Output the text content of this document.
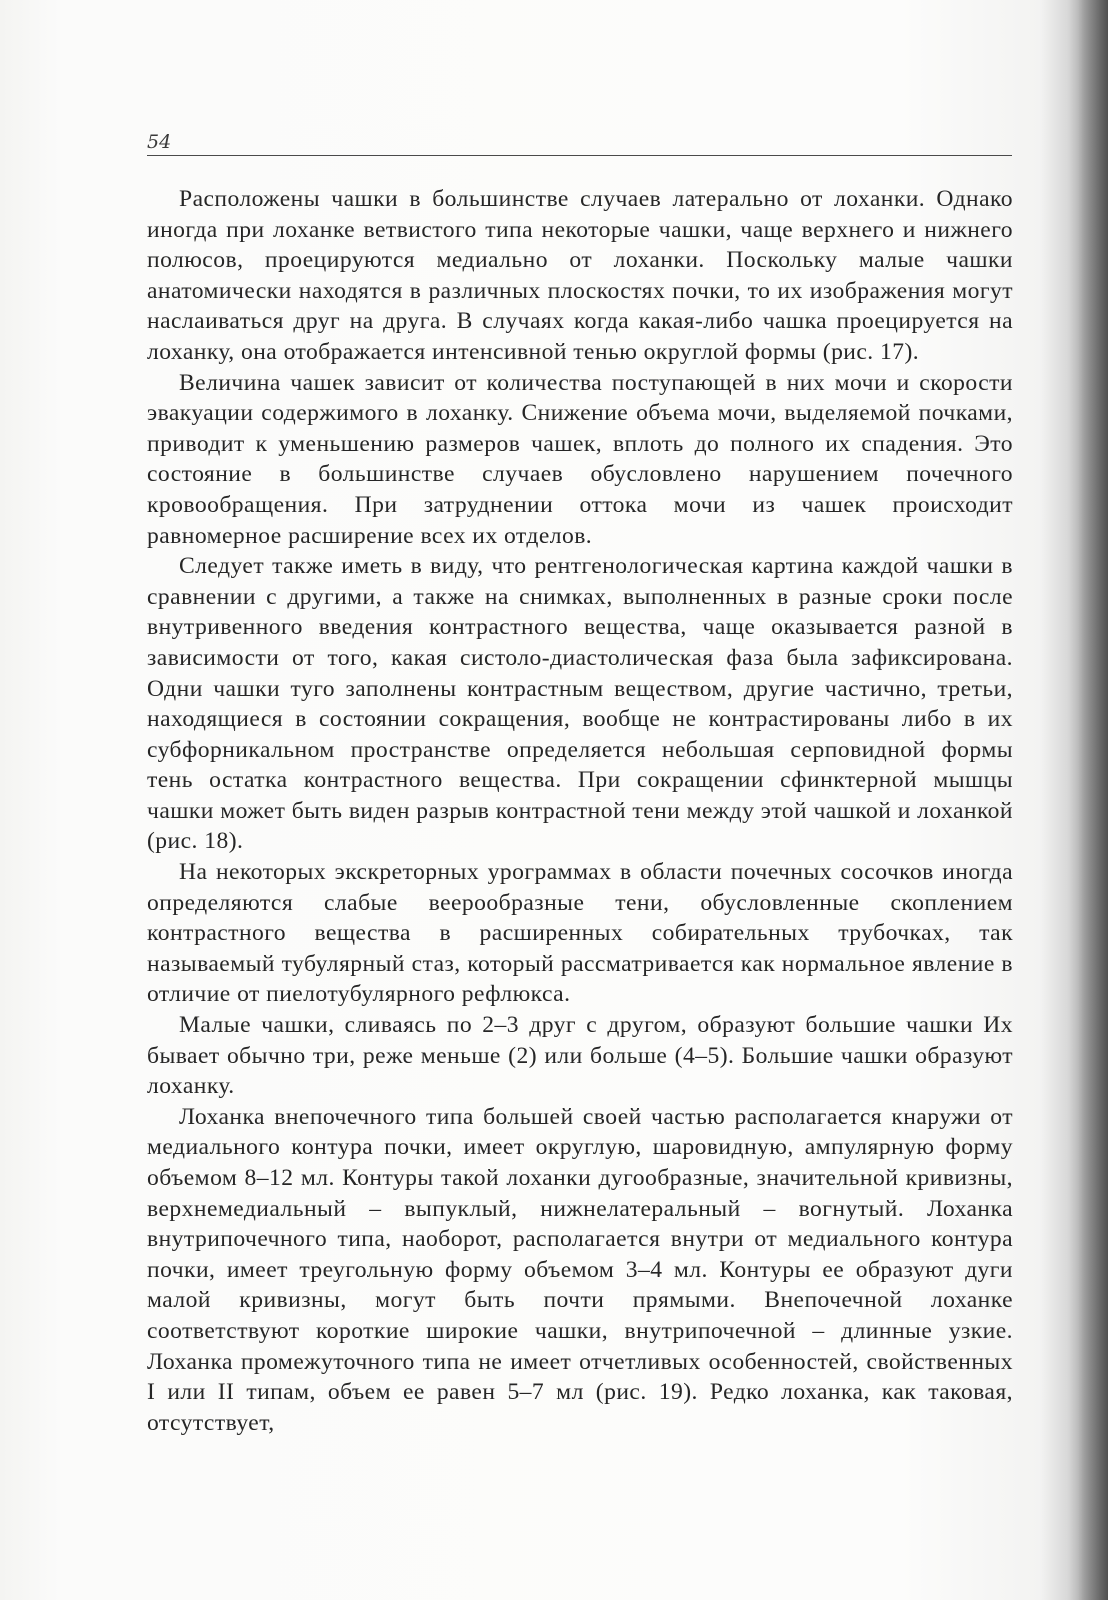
54

Расположены чашки в большинстве случаев латерально от лоханки. Однако иногда при лоханке ветвистого типа некоторые чашки, чаще верхнего и нижнего полюсов, проецируются медиально от лоханки. Поскольку малые чашки анатомически находятся в различных плоскостях почки, то их изображения могут наслаиваться друг на друга. В случаях когда какая-либо чашка проецируется на лоханку, она отображается интенсивной тенью округлой формы (рис. 17).

Величина чашек зависит от количества поступающей в них мочи и скорости эвакуации содержимого в лоханку. Снижение объема мочи, выделяемой почками, приводит к уменьшению размеров чашек, вплоть до полного их спадения. Это состояние в большинстве случаев обусловлено нарушением почечного кровообращения. При затруднении оттока мочи из чашек происходит равномерное расширение всех их отделов.

Следует также иметь в виду, что рентгенологическая картина каждой чашки в сравнении с другими, а также на снимках, выполненных в разные сроки после внутривенного введения контрастного вещества, чаще оказывается разной в зависимости от того, какая систоло-диастолическая фаза была зафиксирована. Одни чашки туго заполнены контрастным веществом, другие частично, третьи, находящиеся в состоянии сокращения, вообще не контрастированы либо в их субфорникальном пространстве определяется небольшая серповидной формы тень остатка контрастного вещества. При сокращении сфинктерной мышцы чашки может быть виден разрыв контрастной тени между этой чашкой и лоханкой (рис. 18).

На некоторых экскреторных урограммах в области почечных сосочков иногда определяются слабые веерообразные тени, обусловленные скоплением контрастного вещества в расширенных собирательных трубочках, так называемый тубулярный стаз, который рассматривается как нормальное явление в отличие от пиелотубулярного рефлюкса.

Малые чашки, сливаясь по 2–3 друг с другом, образуют большие чашки Их бывает обычно три, реже меньше (2) или больше (4–5). Большие чашки образуют лоханку.

Лоханка внепочечного типа большей своей частью располагается кнаружи от медиального контура почки, имеет округлую, шаровидную, ампулярную форму объемом 8–12 мл. Контуры такой лоханки дугообразные, значительной кривизны, верхнемедиальный – выпуклый, нижнелатеральный – вогнутый. Лоханка внутрипочечного типа, наоборот, располагается внутри от медиального контура почки, имеет треугольную форму объемом 3–4 мл. Контуры ее образуют дуги малой кривизны, могут быть почти прямыми. Внепочечной лоханке соответствуют короткие широкие чашки, внутрипочечной – длинные узкие. Лоханка промежуточного типа не имеет отчетливых особенностей, свойственных I или II типам, объем ее равен 5–7 мл (рис. 19). Редко лоханка, как таковая, отсутствует,
